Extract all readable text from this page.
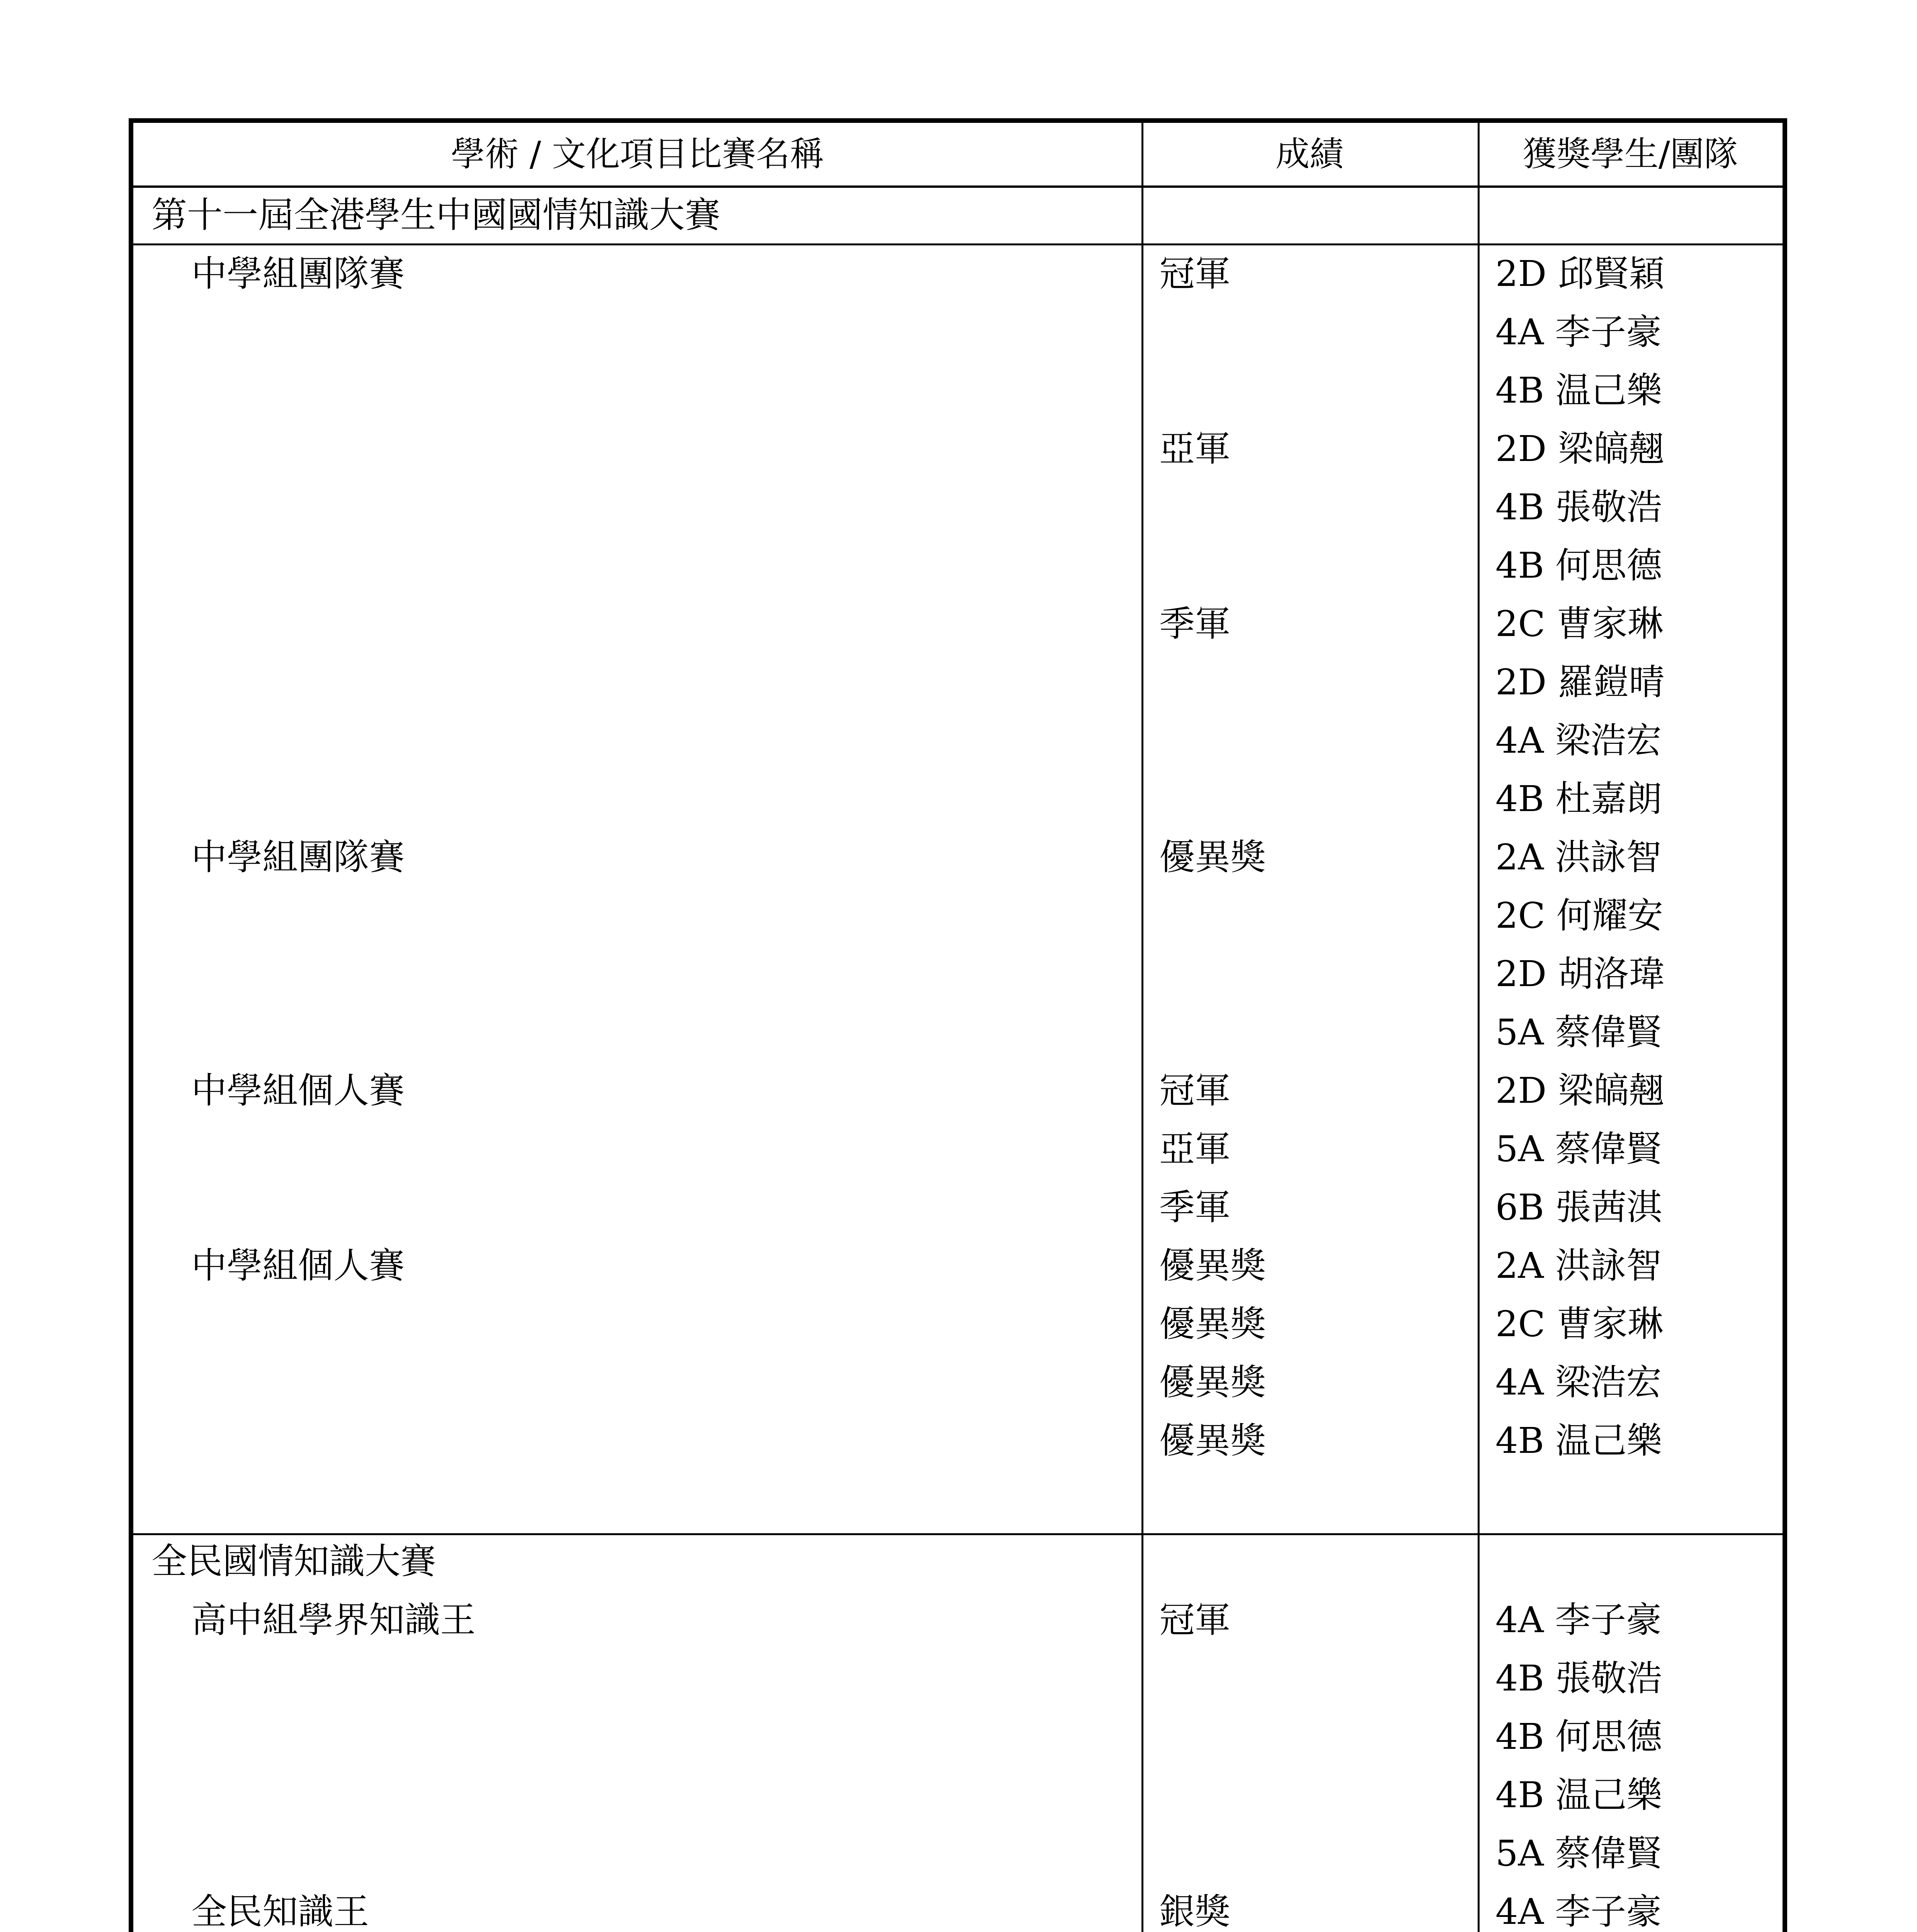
學術 / 文化項目比賽名稱	成績	獲獎學生/團隊
第十一屆全港學生中國國情知識大賽
中學組團隊賽
中學組團隊賽
中學組個人賽
中學組個人賽
冠軍
亞軍
季軍
優異獎
冠軍
亞軍
季軍
優異獎
優異獎
優異獎
優異獎
2D 邱賢穎
4A 李子豪
4B 温己樂
2D 梁皜翹
4B 張敬浩
4B 何思德
2C 曹家琳
2D 羅鎧晴
4A 梁浩宏
4B 杜嘉朗
2A 洪詠智
2C 何耀安
2D 胡洛瑋
5A 蔡偉賢
2D 梁皜翹
5A 蔡偉賢
6B 張茜淇
2A 洪詠智
2C 曹家琳
4A 梁浩宏
4B 温己樂
全民國情知識大賽
高中組學界知識王
全民知識王
冠軍
銀獎
4A 李子豪
4B 張敬浩
4B 何思德
4B 温己樂
5A 蔡偉賢
4A 李子豪
